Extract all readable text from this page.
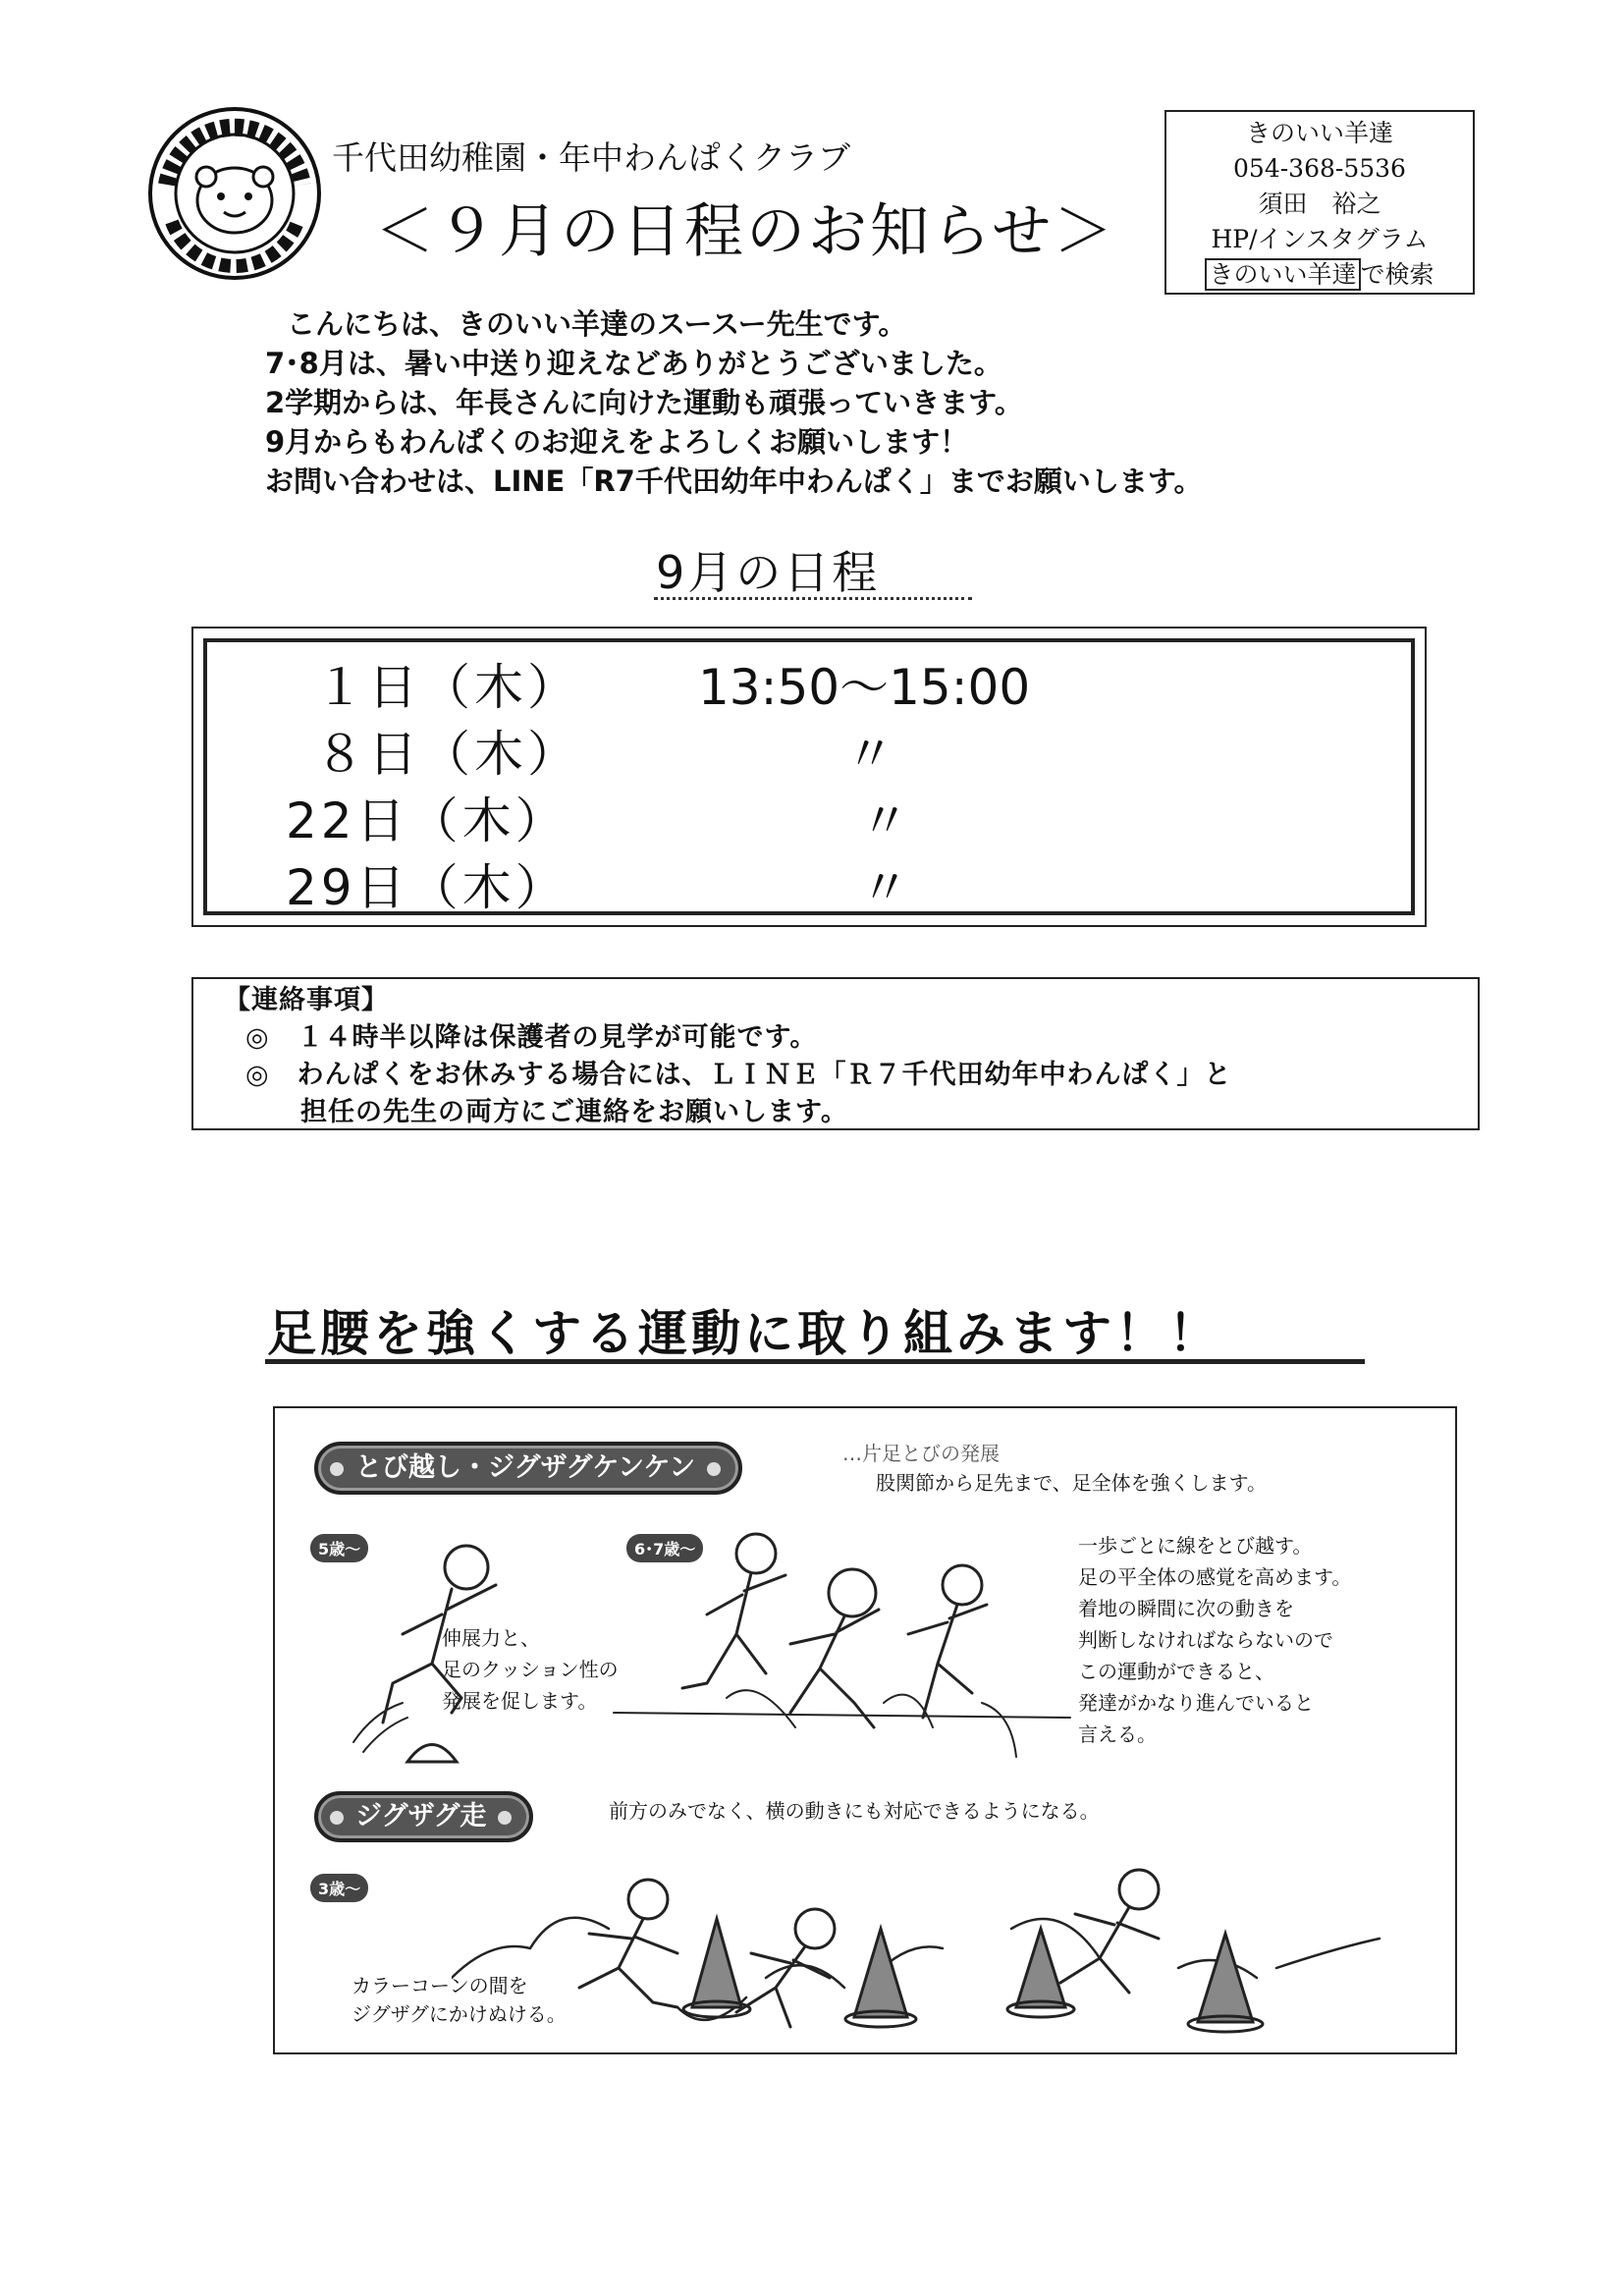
千代田幼稚園・年中わんぱくクラブ
＜９月の日程のお知らせ＞
きのいい羊達
054-368-5536
須田　裕之
HP/インスタグラム
きのいい羊達 で検索
こんにちは、きのいい羊達のスースー先生です。
7･8月は、暑い中送り迎えなどありがとうございました。
2学期からは、年長さんに向けた運動も頑張っていきます。
9月からもわんぱくのお迎えをよろしくお願いします！
お問い合わせは、LINE「R7千代田幼年中わんぱく」までお願いします。
9月の日程
１日（木） 13:50～15:00
８日（木）	〃
22日（木）	〃
29日（木）	〃
【連絡事項】
◎　１４時半以降は保護者の見学が可能です。
◎　わんぱくをお休みする場合には、ＬＩＮＥ「Ｒ７千代田幼年中わんぱく」と
　　担任の先生の両方にご連絡をお願いします。
足腰を強くする運動に取り組みます！！
とび越し・ジグザグケンケン	…片足とびの発展
股関節から足先まで、足全体を強くします。
5歳〜	6･7歳〜
伸展力と、
足のクッション性の
発展を促します。
一歩ごとに線をとび越す。
足の平全体の感覚を高めます。
着地の瞬間に次の動きを
判断しなければならないので
この運動ができると、
発達がかなり進んでいると
言える。
ジグザグ走	前方のみでなく、横の動きにも対応できるようになる。
3歳〜
カラーコーンの間を
ジグザグにかけぬける。
